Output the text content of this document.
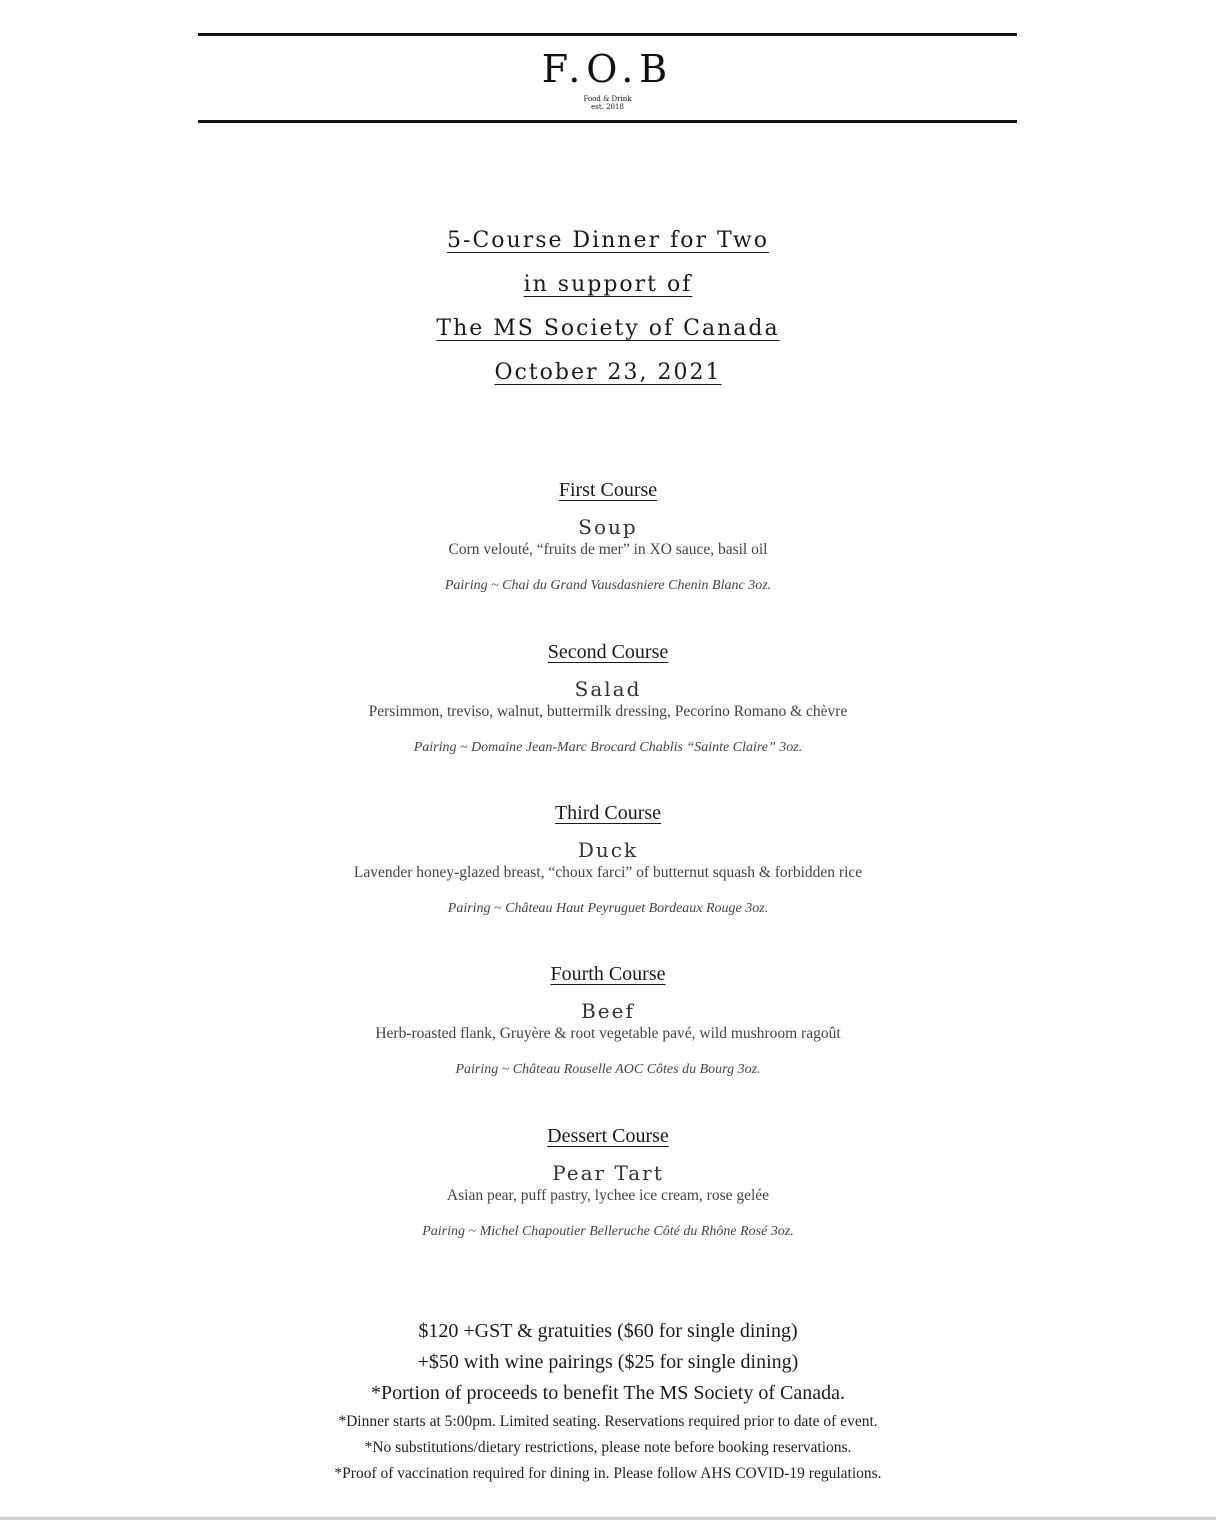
F.O.B
Food & Drink
est. 2018
5-Course Dinner for Two
in support of
The MS Society of Canada
October 23, 2021
First Course
Soup
Corn velouté, “fruits de mer” in XO sauce, basil oil
Pairing ~ Chai du Grand Vausdasniere Chenin Blanc 3oz.
Second Course
Salad
Persimmon, treviso, walnut, buttermilk dressing, Pecorino Romano & chèvre
Pairing ~ Domaine Jean-Marc Brocard Chablis “Sainte Claire” 3oz.
Third Course
Duck
Lavender honey-glazed breast, “choux farci” of butternut squash & forbidden rice
Pairing ~ Château Haut Peyruguet Bordeaux Rouge 3oz.
Fourth Course
Beef
Herb-roasted flank, Gruyère & root vegetable pavé, wild mushroom ragoût
Pairing ~ Château Rouselle AOC Côtes du Bourg 3oz.
Dessert Course
Pear Tart
Asian pear, puff pastry, lychee ice cream, rose gelée
Pairing ~ Michel Chapoutier Belleruche Côté du Rhône Rosé 3oz.
$120 +GST & gratuities ($60 for single dining)
+$50 with wine pairings ($25 for single dining)
*Portion of proceeds to benefit The MS Society of Canada.
*Dinner starts at 5:00pm. Limited seating. Reservations required prior to date of event.
*No substitutions/dietary restrictions, please note before booking reservations.
*Proof of vaccination required for dining in. Please follow AHS COVID-19 regulations.
